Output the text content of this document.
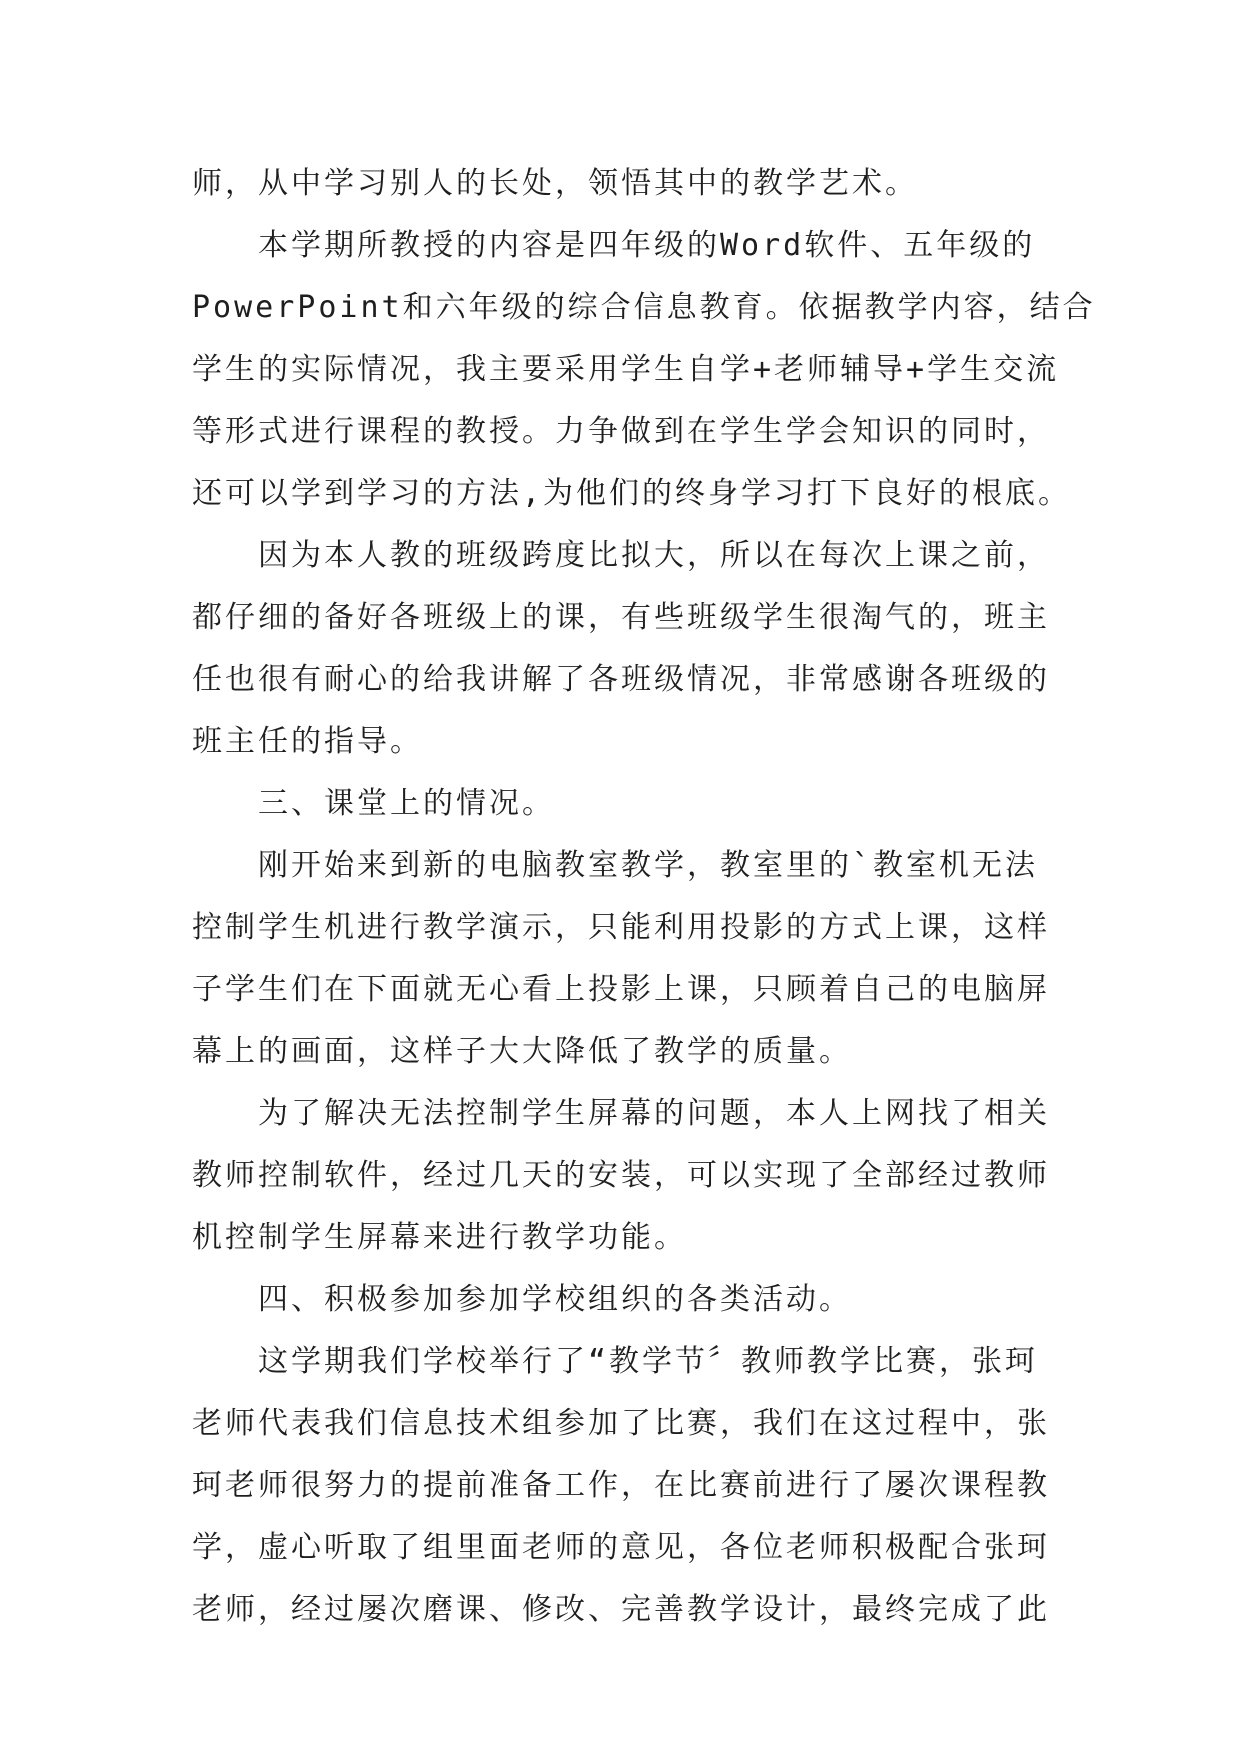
师，从中学习别人的长处，领悟其中的教学艺术。

本学期所教授的内容是四年级的Word软件、五年级的

PowerPoint和六年级的综合信息教育。依据教学内容，结合

学生的实际情况，我主要采用学生自学+老师辅导+学生交流

等形式进行课程的教授。力争做到在学生学会知识的同时，

还可以学到学习的方法,为他们的终身学习打下良好的根底。

因为本人教的班级跨度比拟大，所以在每次上课之前，

都仔细的备好各班级上的课，有些班级学生很淘气的，班主

任也很有耐心的给我讲解了各班级情况，非常感谢各班级的

班主任的指导。

三、课堂上的情况。

刚开始来到新的电脑教室教学，教室里的`教室机无法

控制学生机进行教学演示，只能利用投影的方式上课，这样

子学生们在下面就无心看上投影上课，只顾着自己的电脑屏

幕上的画面，这样子大大降低了教学的质量。

为了解决无法控制学生屏幕的问题，本人上网找了相关

教师控制软件，经过几天的安装，可以实现了全部经过教师

机控制学生屏幕来进行教学功能。

四、积极参加参加学校组织的各类活动。

这学期我们学校举行了“教学节〞教师教学比赛，张珂

老师代表我们信息技术组参加了比赛，我们在这过程中，张

珂老师很努力的提前准备工作，在比赛前进行了屡次课程教

学，虚心听取了组里面老师的意见，各位老师积极配合张珂

老师，经过屡次磨课、修改、完善教学设计，最终完成了此
